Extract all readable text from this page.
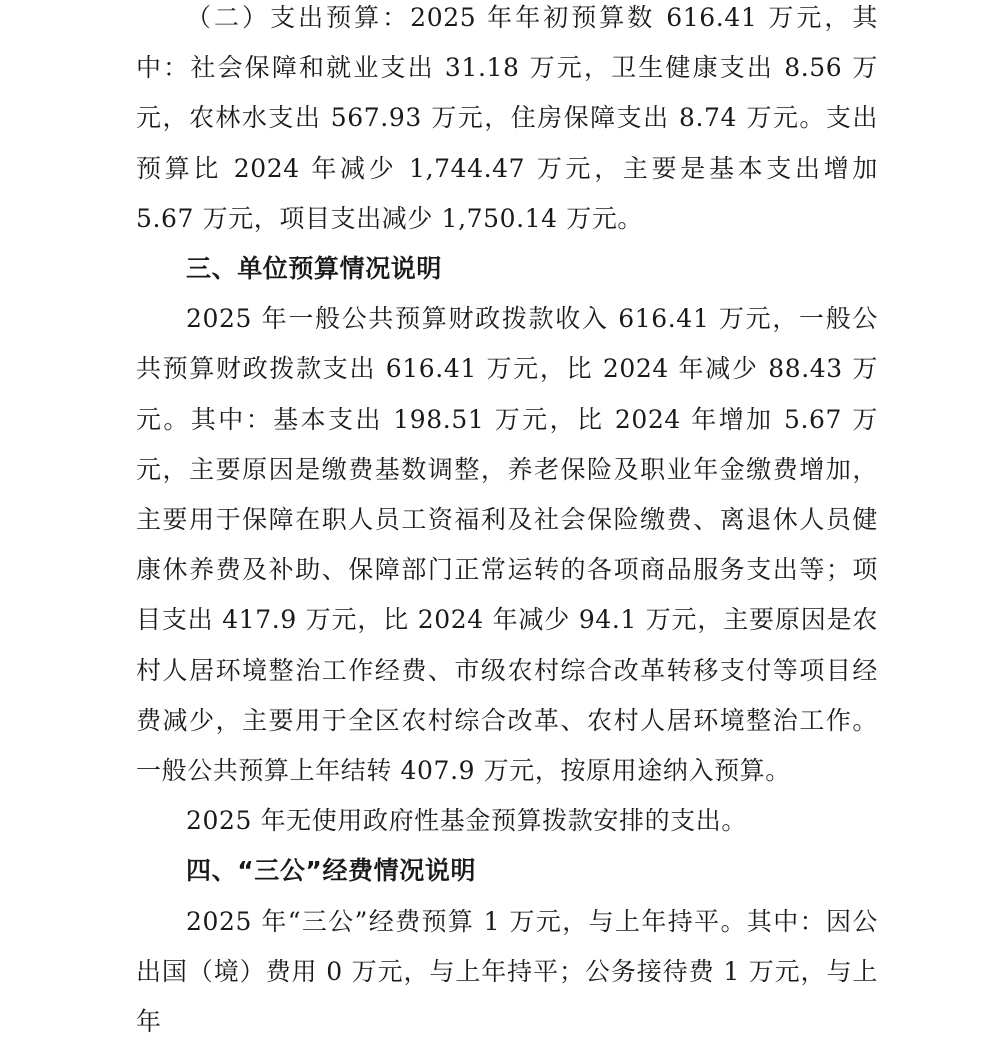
（二）支出预算：2025 年年初预算数 616.41 万元，其中：社会保障和就业支出 31.18 万元，卫生健康支出 8.56 万元，农林水支出 567.93 万元，住房保障支出 8.74 万元。支出预算比 2024 年减少 1,744.47 万元，主要是基本支出增加 5.67 万元，项目支出减少 1,750.14 万元。

三、单位预算情况说明

2025 年一般公共预算财政拨款收入 616.41 万元，一般公共预算财政拨款支出 616.41 万元，比 2024 年减少 88.43 万元。其中：基本支出 198.51 万元，比 2024 年增加 5.67 万元，主要原因是缴费基数调整，养老保险及职业年金缴费增加，主要用于保障在职人员工资福利及社会保险缴费、离退休人员健康休养费及补助、保障部门正常运转的各项商品服务支出等；项目支出 417.9 万元，比 2024 年减少 94.1 万元，主要原因是农村人居环境整治工作经费、市级农村综合改革转移支付等项目经费减少，主要用于全区农村综合改革、农村人居环境整治工作。一般公共预算上年结转 407.9 万元，按原用途纳入预算。

2025 年无使用政府性基金预算拨款安排的支出。

四、“三公”经费情况说明

2025 年“三公”经费预算 1 万元，与上年持平。其中：因公出国（境）费用 0 万元，与上年持平；公务接待费 1 万元，与上年
